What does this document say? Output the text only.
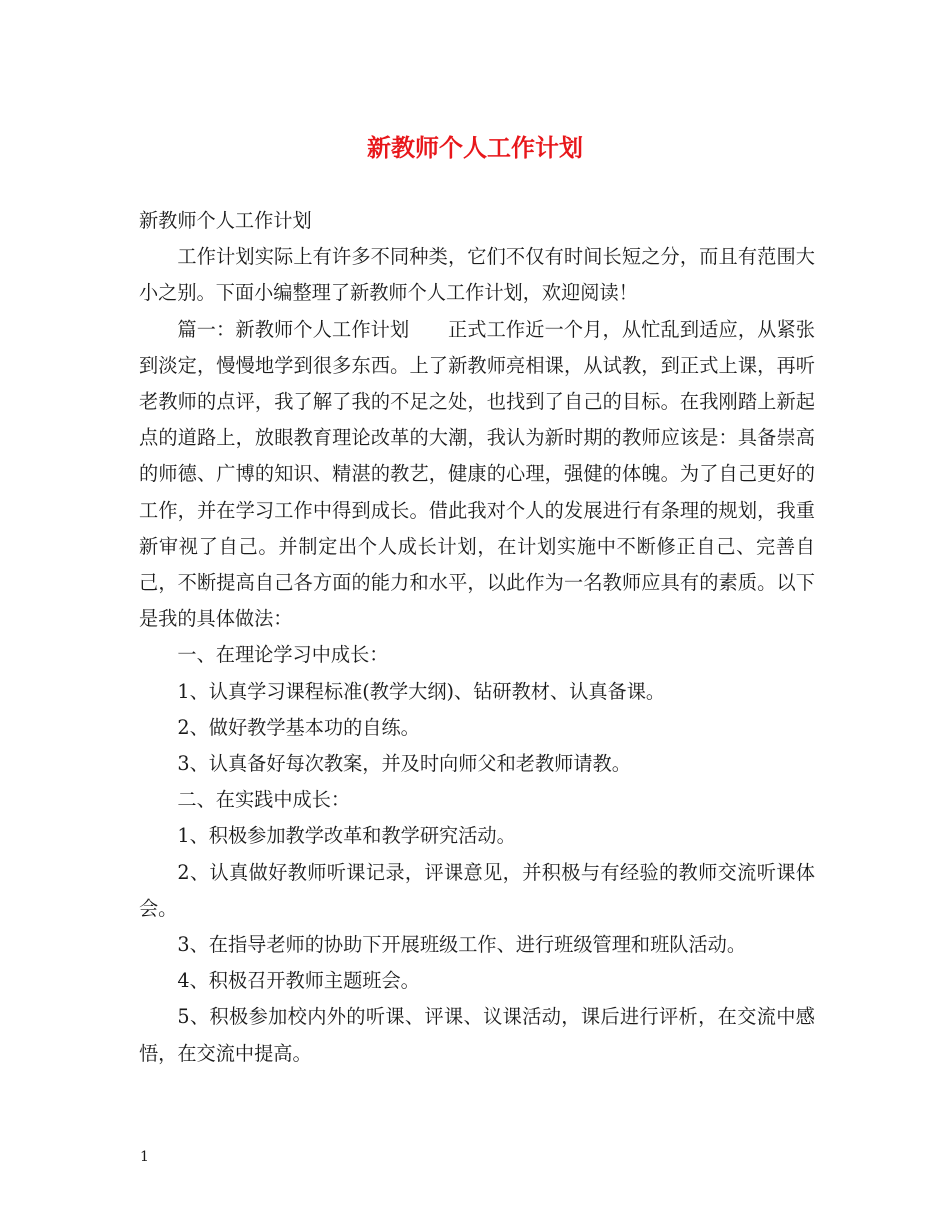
新教师个人工作计划

新教师个人工作计划

工作计划实际上有许多不同种类，它们不仅有时间长短之分，而且有范围大小之别。下面小编整理了新教师个人工作计划，欢迎阅读！

篇一：新教师个人工作计划　　正式工作近一个月，从忙乱到适应，从紧张到淡定，慢慢地学到很多东西。上了新教师亮相课，从试教，到正式上课，再听老教师的点评，我了解了我的不足之处，也找到了自己的目标。在我刚踏上新起点的道路上，放眼教育理论改革的大潮，我认为新时期的教师应该是：具备崇高的师德、广博的知识、精湛的教艺，健康的心理，强健的体魄。为了自己更好的工作，并在学习工作中得到成长。借此我对个人的发展进行有条理的规划，我重新审视了自己。并制定出个人成长计划，在计划实施中不断修正自己、完善自己，不断提高自己各方面的能力和水平，以此作为一名教师应具有的素质。以下是我的具体做法：

一、在理论学习中成长：

1、认真学习课程标准(教学大纲)、钻研教材、认真备课。

2、做好教学基本功的自练。

3、认真备好每次教案，并及时向师父和老教师请教。

二、在实践中成长：

1、积极参加教学改革和教学研究活动。

2、认真做好教师听课记录，评课意见，并积极与有经验的教师交流听课体会。

3、在指导老师的协助下开展班级工作、进行班级管理和班队活动。

4、积极召开教师主题班会。

5、积极参加校内外的听课、评课、议课活动，课后进行评析，在交流中感悟，在交流中提高。

1
